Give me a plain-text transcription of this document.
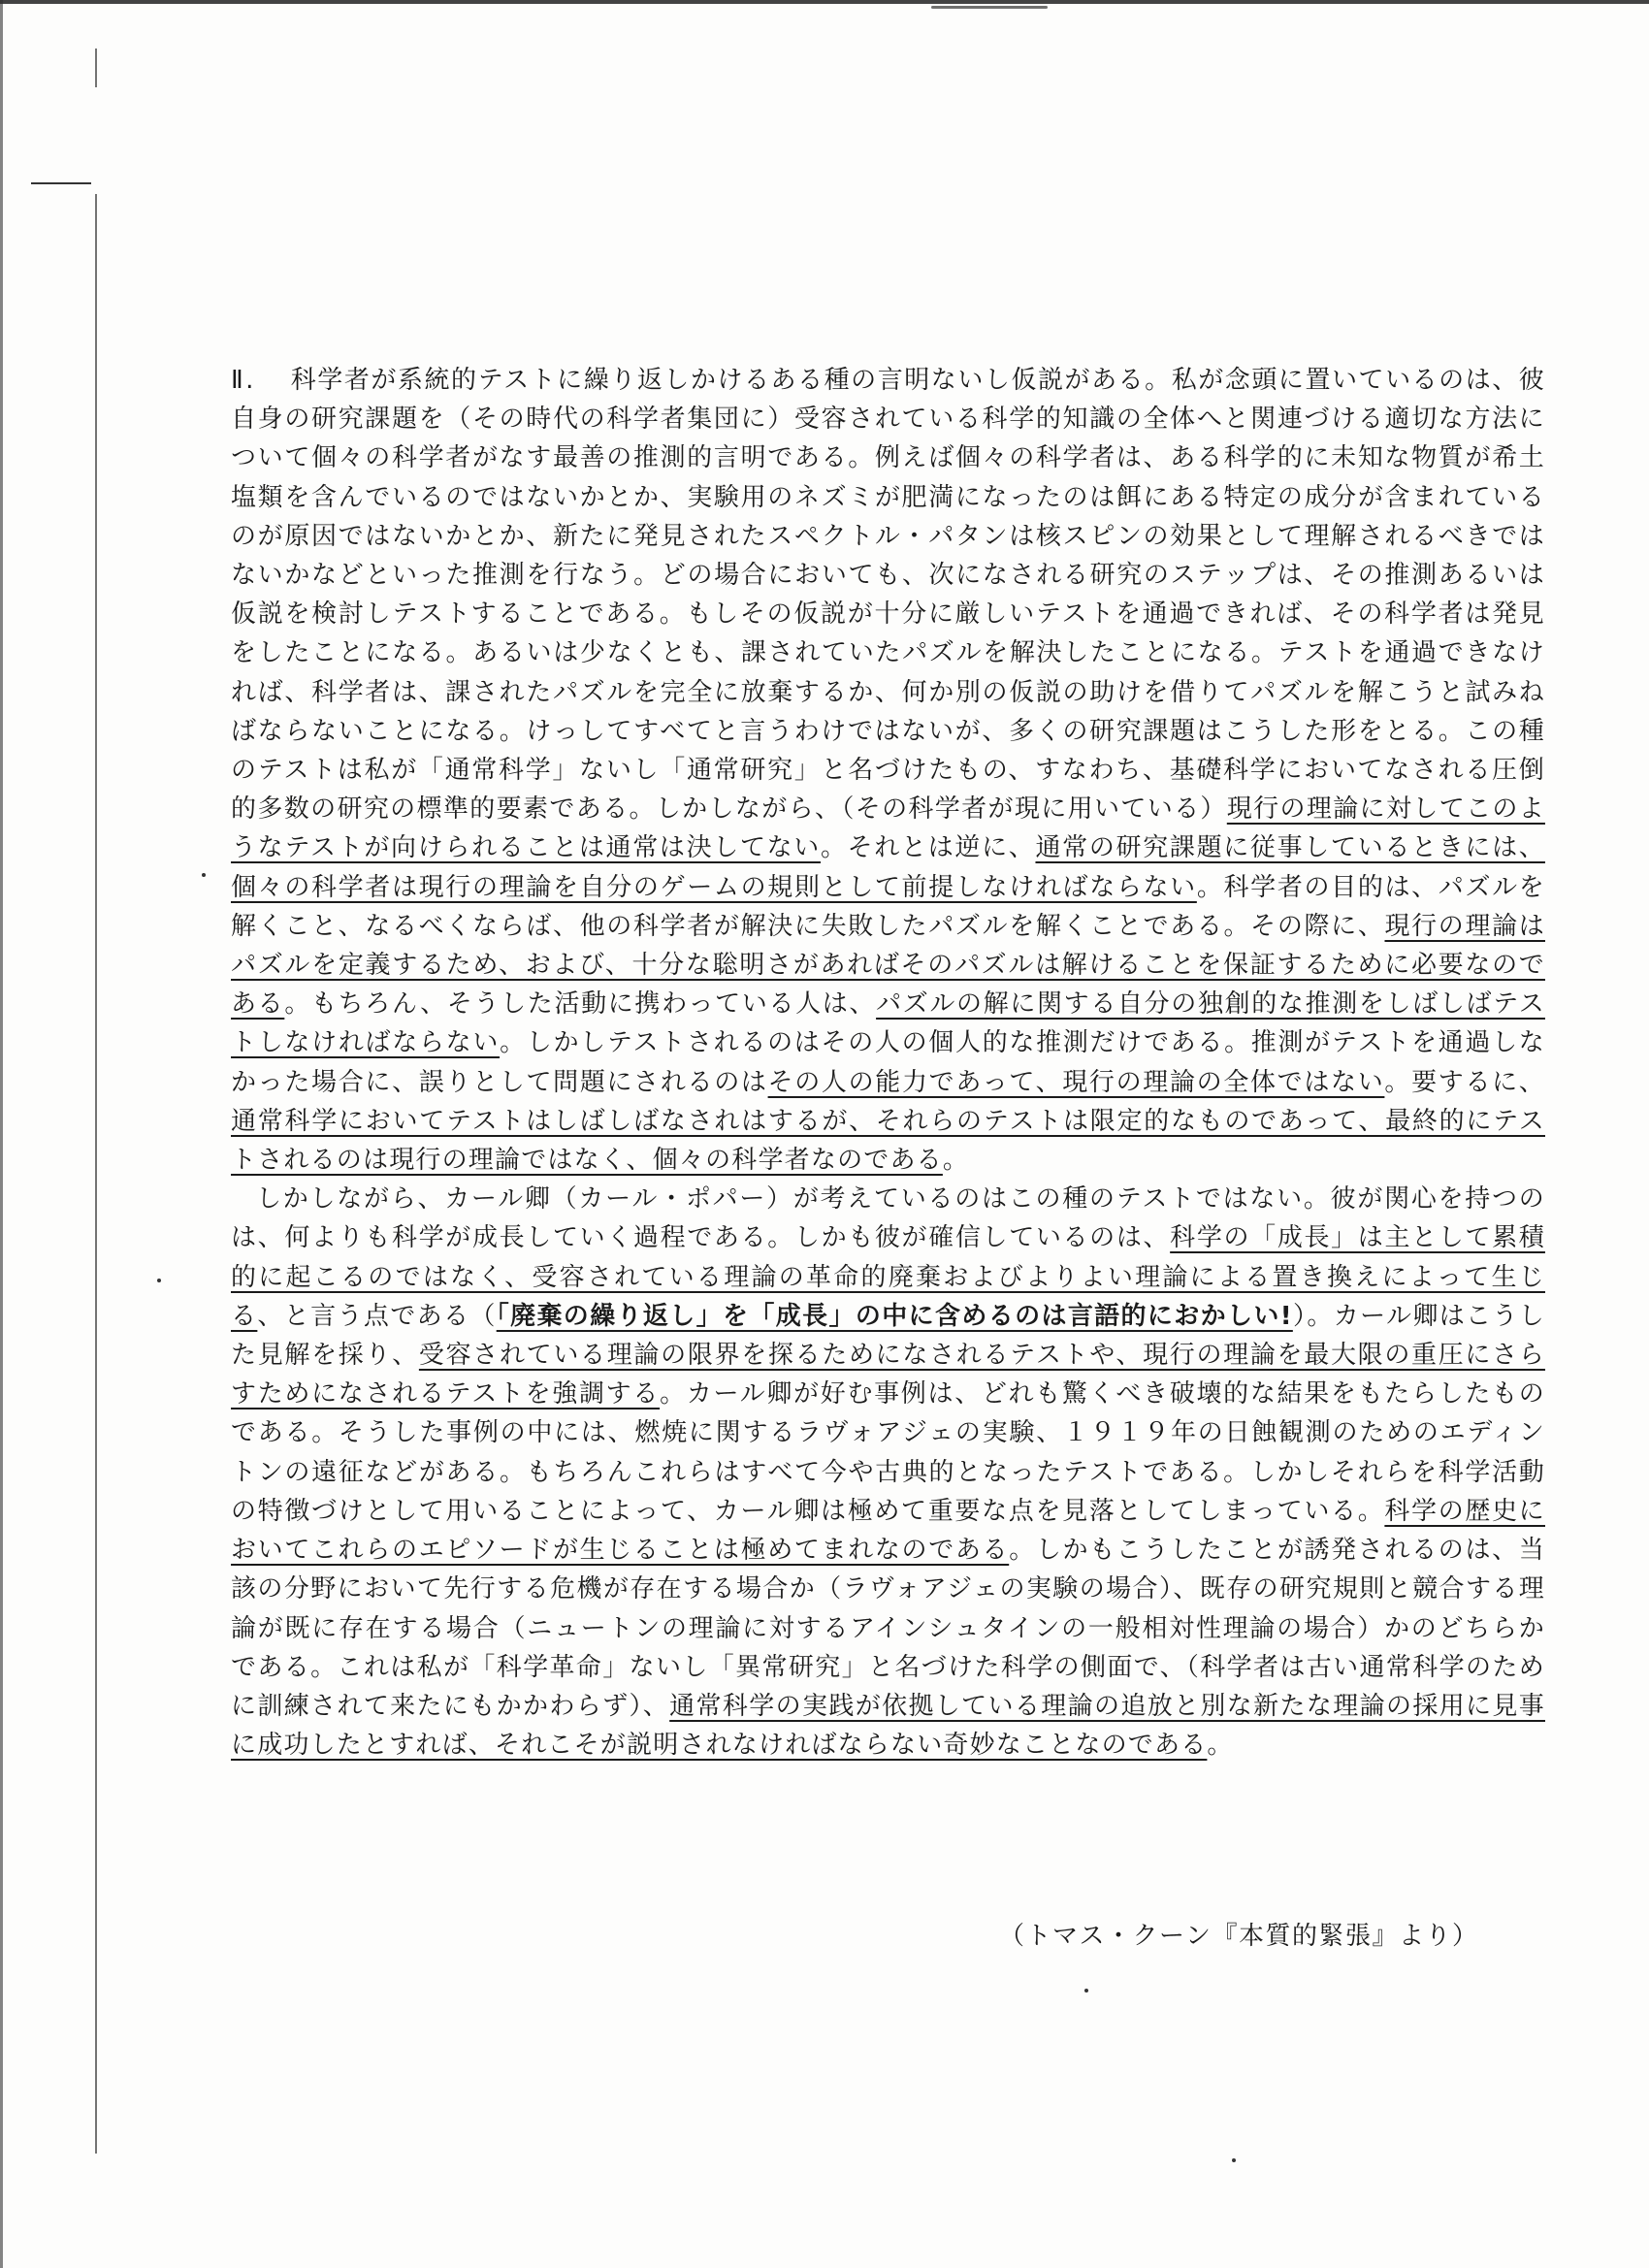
Ⅱ. 科学者が系統的テストに繰り返しかけるある種の言明ないし仮説がある。私が念頭に置いているのは、彼自身の研究課題を（その時代の科学者集団に）受容されている科学的知識の全体へと関連づける適切な方法について個々の科学者がなす最善の推測的言明である。例えば個々の科学者は、ある科学的に未知な物質が希土塩類を含んでいるのではないかとか、実験用のネズミが肥満になったのは餌にある特定の成分が含まれているのが原因ではないかとか、新たに発見されたスペクトル・パタンは核スピンの効果として理解されるべきではないかなどといった推測を行なう。どの場合においても、次になされる研究のステップは、その推測あるいは仮説を検討しテストすることである。もしその仮説が十分に厳しいテストを通過できれば、その科学者は発見をしたことになる。あるいは少なくとも、課されていたパズルを解決したことになる。テストを通過できなければ、科学者は、課されたパズルを完全に放棄するか、何か別の仮説の助けを借りてパズルを解こうと試みねばならないことになる。けっしてすべてと言うわけではないが、多くの研究課題はこうした形をとる。この種のテストは私が「通常科学」ないし「通常研究」と名づけたもの、すなわち、基礎科学においてなされる圧倒的多数の研究の標準的要素である。しかしながら、（その科学者が現に用いている）現行の理論に対してこのようなテストが向けられることは通常は決してない。それとは逆に、通常の研究課題に従事しているときには、個々の科学者は現行の理論を自分のゲームの規則として前提しなければならない。科学者の目的は、パズルを解くこと、なるべくならば、他の科学者が解決に失敗したパズルを解くことである。その際に、現行の理論はパズルを定義するため、および、十分な聡明さがあればそのパズルは解けることを保証するために必要なのである。もちろん、そうした活動に携わっている人は、パズルの解に関する自分の独創的な推測をしばしばテストしなければならない。しかしテストされるのはその人の個人的な推測だけである。推測がテストを通過しなかった場合に、誤りとして問題にされるのはその人の能力であって、現行の理論の全体ではない。要するに、通常科学においてテストはしばしばなされはするが、それらのテストは限定的なものであって、最終的にテストされるのは現行の理論ではなく、個々の科学者なのである。

しかしながら、カール卿（カール・ポパー）が考えているのはこの種のテストではない。彼が関心を持つのは、何よりも科学が成長していく過程である。しかも彼が確信しているのは、科学の「成長」は主として累積的に起こるのではなく、受容されている理論の革命的廃棄およびよりよい理論による置き換えによって生じる、と言う点である（「廃棄の繰り返し」を「成長」の中に含めるのは言語的におかしい!）。カール卿はこうした見解を採り、受容されている理論の限界を探るためになされるテストや、現行の理論を最大限の重圧にさらすためになされるテストを強調する。カール卿が好む事例は、どれも驚くべき破壊的な結果をもたらしたものである。そうした事例の中には、燃焼に関するラヴォアジェの実験、１９１９年の日蝕観測のためのエディントンの遠征などがある。もちろんこれらはすべて今や古典的となったテストである。しかしそれらを科学活動の特徴づけとして用いることによって、カール卿は極めて重要な点を見落としてしまっている。科学の歴史においてこれらのエピソードが生じることは極めてまれなのである。しかもこうしたことが誘発されるのは、当該の分野において先行する危機が存在する場合か（ラヴォアジェの実験の場合）、既存の研究規則と競合する理論が既に存在する場合（ニュートンの理論に対するアインシュタインの一般相対性理論の場合）かのどちらかである。これは私が「科学革命」ないし「異常研究」と名づけた科学の側面で、（科学者は古い通常科学のために訓練されて来たにもかかわらず）、通常科学の実践が依拠している理論の追放と別な新たな理論の採用に見事に成功したとすれば、それこそが説明されなければならない奇妙なことなのである。

（トマス・クーン『本質的緊張』より）
